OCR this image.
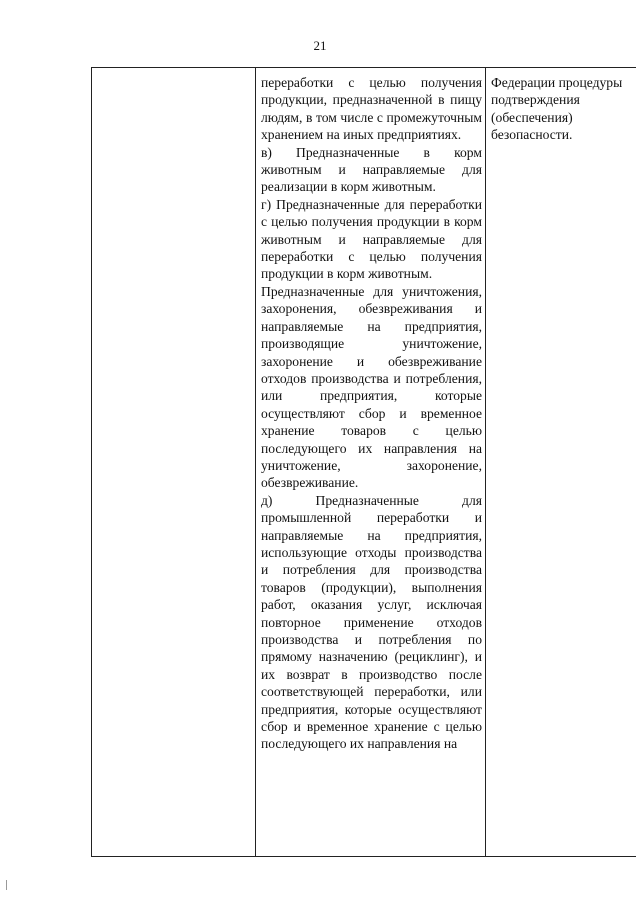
21

переработки с целью получения продукции, предназначенной в пищу людям, в том числе с промежуточным хранением на иных предприятиях.

в) Предназначенные в корм животным и направляемые для реализации в корм животным.

г) Предназначенные для переработки с целью получения продукции в корм животным и направляемые для переработки с целью получения продукции в корм животным.

Предназначенные для уничтожения, захоронения, обезвреживания и направляемые на предприятия, производящие уничтожение, захоронение и обезвреживание отходов производства и потребления, или предприятия, которые осуществляют сбор и временное хранение товаров с целью последующего их направления на уничтожение, захоронение, обезвреживание.

д) Предназначенные для промышленной переработки и направляемые на предприятия, использующие отходы производства и потребления для производства товаров (продукции), выполнения работ, оказания услуг, исключая повторное применение отходов производства и потребления по прямому назначению (рециклинг), и их возврат в производство после соответствующей переработки, или предприятия, которые осуществляют сбор и временное хранение с целью последующего их направления на

Федерации процедуры подтверждения (обеспечения) безопасности.
